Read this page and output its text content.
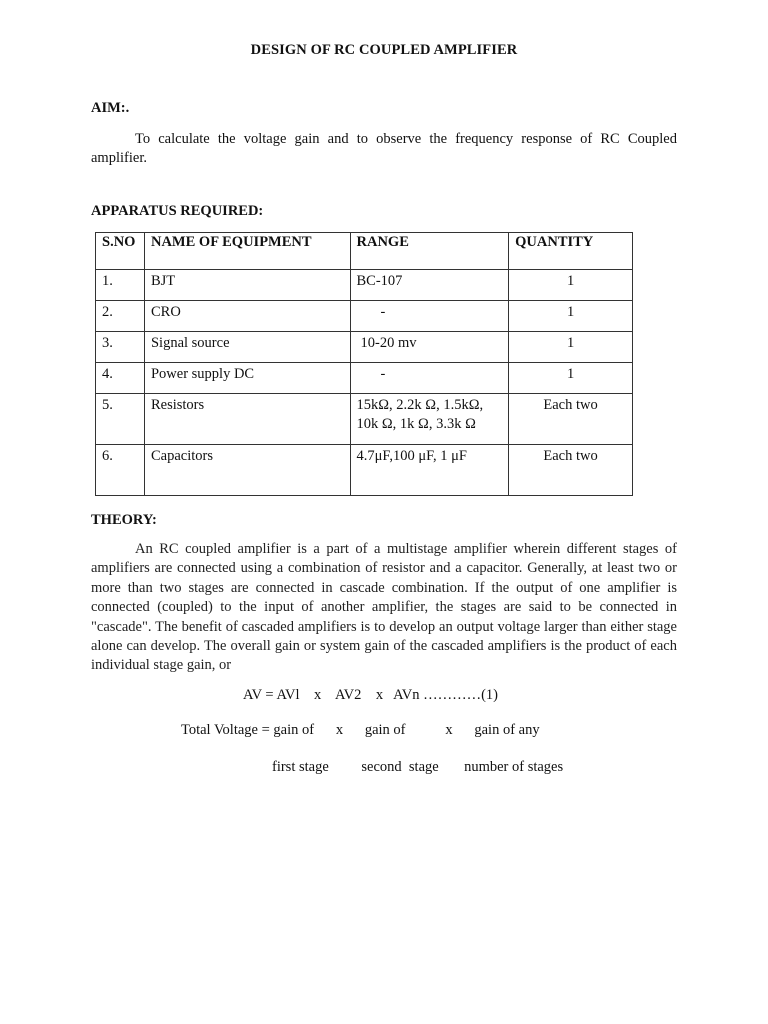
DESIGN OF RC COUPLED AMPLIFIER
AIM:.
To calculate the voltage gain and to observe the frequency response of RC Coupled amplifier.
APPARATUS REQUIRED:
S.NO	NAME OF EQUIPMENT	RANGE	QUANTITY
1.	BJT	BC-107	1
2.	CRO	-	1
3.	Signal source	10-20 mv	1
4.	Power supply DC	-	1
5.	Resistors	15kΩ, 2.2k Ω, 1.5kΩ,
10k Ω, 1k Ω, 3.3k Ω	Each two
6.	Capacitors	4.7μF,100 μF, 1 μF	Each two
THEORY:
An RC coupled amplifier is a part of a multistage amplifier wherein different stages of amplifiers are connected using a combination of resistor and a capacitor. Generally, at least two or more than two stages are connected in cascade combination. If the output of one amplifier is connected (coupled) to the input of another amplifier, the stages are said to be connected in "cascade". The benefit of cascaded amplifiers is to develop an output voltage larger than either stage alone can develop. The overall gain or system gain of the cascaded amplifiers is the product of each individual stage gain, or
AV = AVl    x    AV2    x   AVn …………(1)
Total Voltage = gain of      x      gain of           x      gain of any
first stage         second  stage       number of stages
